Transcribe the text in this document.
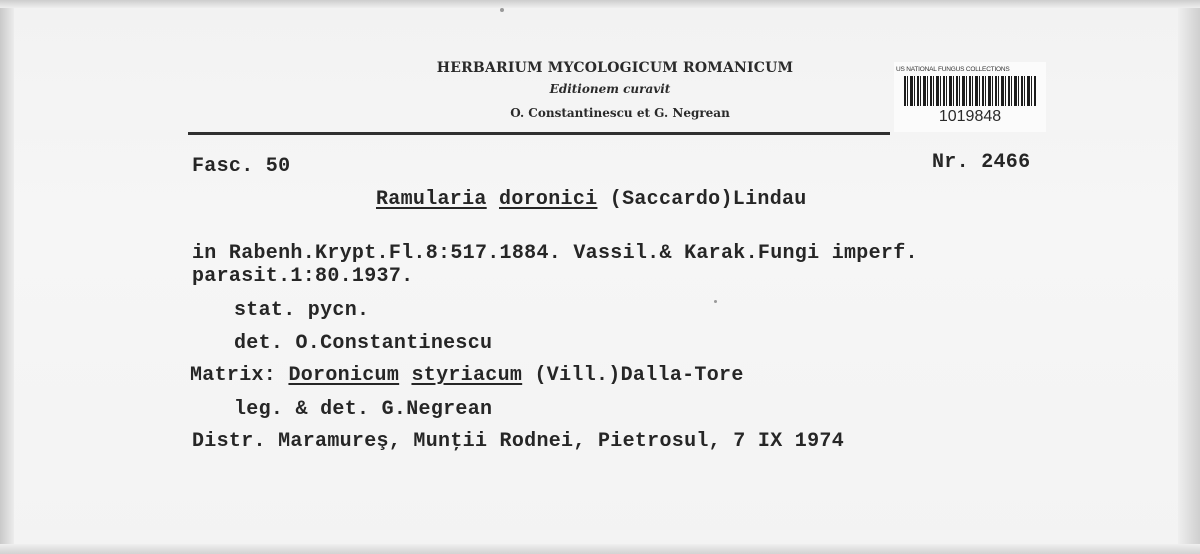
HERBARIUM MYCOLOGICUM ROMANICUM
Editionem curavit
O. Constantinescu et G. Negrean
US NATIONAL FUNGUS COLLECTIONS
1019848
Fasc. 50	Nr. 2466
Ramularia doronici (Saccardo)Lindau
in Rabenh.Krypt.Fl.8:517.1884. Vassil.& Karak.Fungi imperf.
parasit.1:80.1937.
stat. pycn.
det. O.Constantinescu
Matrix: Doronicum styriacum (Vill.)Dalla-Tore
leg. & det. G.Negrean
Distr. Maramureş, Munţii Rodnei, Pietrosul, 7 IX 1974
